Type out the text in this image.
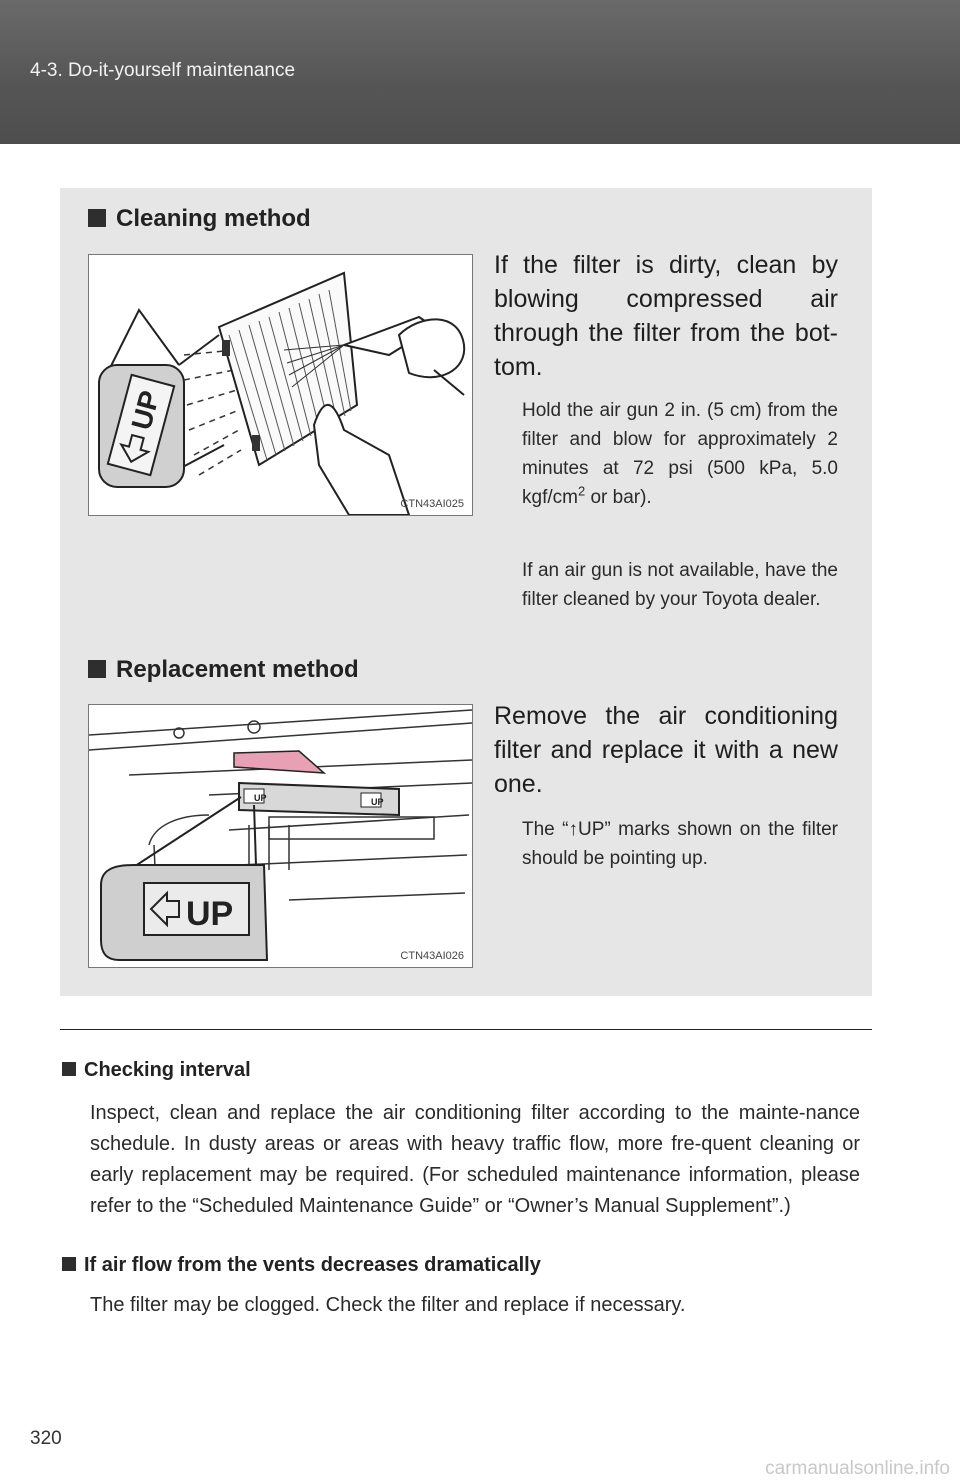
4-3. Do-it-yourself maintenance
Cleaning method
UP
CTN43AI025
If the filter is dirty, clean by blowing compressed air through the filter from the bot-tom.
Hold the air gun 2 in. (5 cm) from the filter and blow for approximately 2 minutes at 72 psi (500 kPa, 5.0 kgf/$cm^2$ or bar).
If an air gun is not available, have the filter cleaned by your Toyota dealer.
Replacement method
UP	UP
UP
CTN43AI026
Remove the air conditioning filter and replace it with a new one.
The “↑UP” marks shown on the filter should be pointing up.
Checking interval
Inspect, clean and replace the air conditioning filter according to the mainte-nance schedule. In dusty areas or areas with heavy traffic flow, more fre-quent cleaning or early replacement may be required. (For scheduled maintenance information, please refer to the “Scheduled Maintenance Guide” or “Owner’s Manual Supplement”.)
If air flow from the vents decreases dramatically
The filter may be clogged. Check the filter and replace if necessary.
320
carmanualsonline.info
